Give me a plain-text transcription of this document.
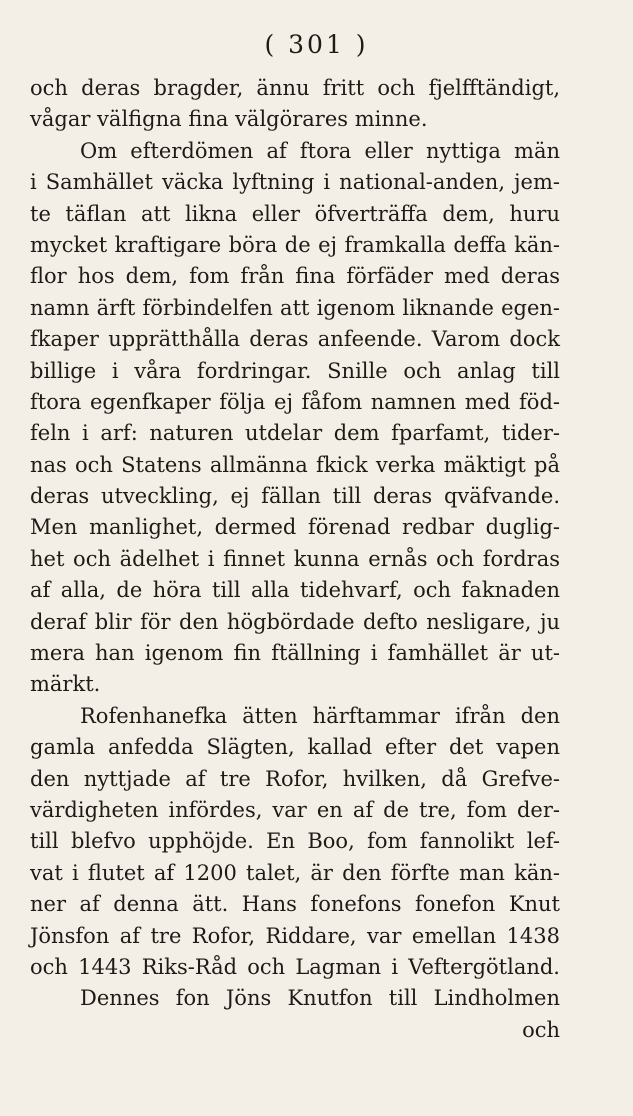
( 301 )
och deras bragder, ännu fritt och fjelfftändigt,
vågar välfigna fina välgörares minne.
Om efterdömen af ftora eller nyttiga män
i Samhället väcka lyftning i national-anden, jem-
te täflan att likna eller öfverträffa dem, huru
mycket kraftigare böra de ej framkalla deffa kän-
flor hos dem, fom från fina förfäder med deras
namn ärft förbindelfen att igenom liknande egen-
fkaper upprätthålla deras anfeende. Varom dock
billige i våra fordringar. Snille och anlag till
ftora egenfkaper följa ej fåfom namnen med föd-
feln i arf: naturen utdelar dem fparfamt, tider-
nas och Statens allmänna fkick verka mäktigt på
deras utveckling, ej fällan till deras qväfvande.
Men manlighet, dermed förenad redbar duglig-
het och ädelhet i finnet kunna ernås och fordras
af alla, de höra till alla tidehvarf, och faknaden
deraf blir för den högbördade defto nesligare, ju
mera han igenom fin ftällning i famhället är ut-
märkt.
Rofenhanefka ätten härftammar ifrån den
gamla anfedda Slägten, kallad efter det vapen
den nyttjade af tre Rofor, hvilken, då Grefve-
värdigheten infördes, var en af de tre, fom der-
till blefvo upphöjde. En Boo, fom fannolikt lef-
vat i flutet af 1200 talet, är den förfte man kän-
ner af denna ätt. Hans fonefons fonefon Knut
Jönsfon af tre Rofor, Riddare, var emellan 1438
och 1443 Riks-Råd och Lagman i Veftergötland.
Dennes fon Jöns Knutfon till Lindholmen
och
